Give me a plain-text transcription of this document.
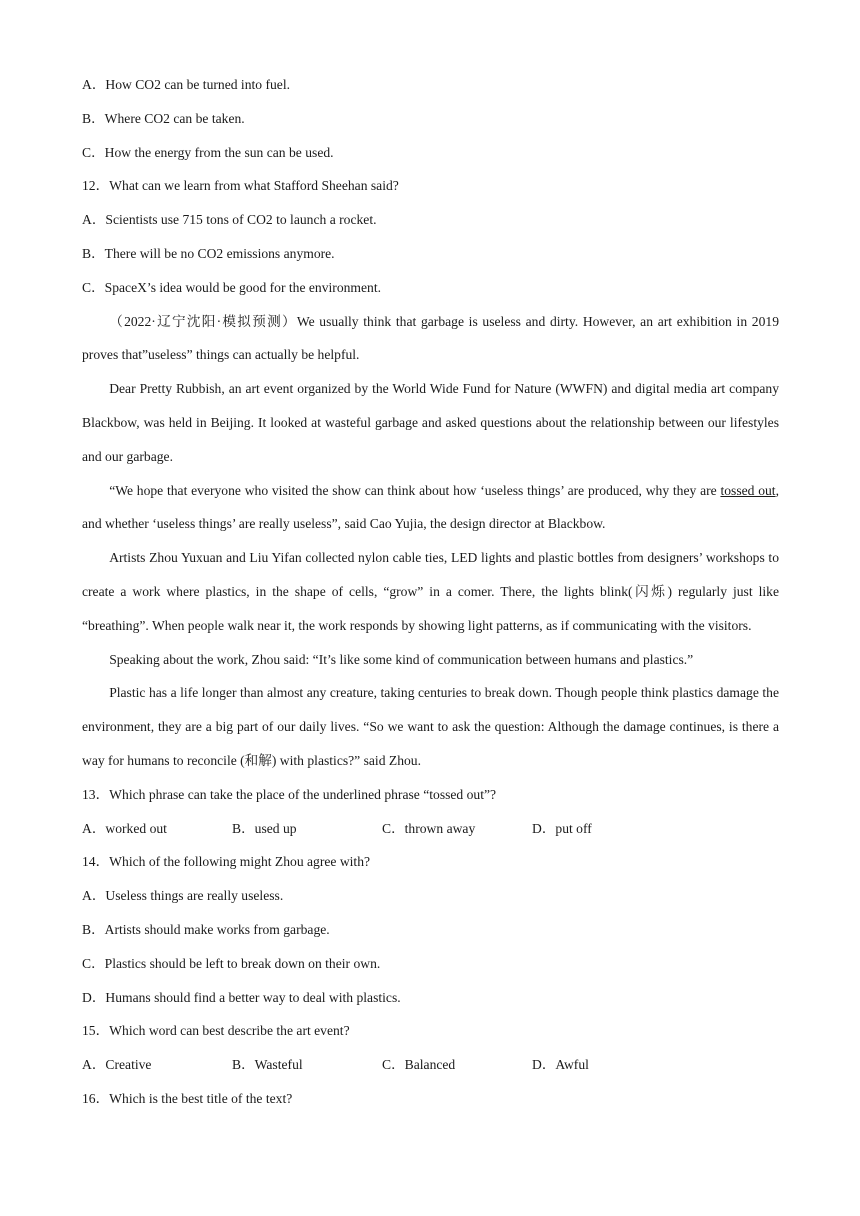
A．How CO2 can be turned into fuel.
B．Where CO2 can be taken.
C．How the energy from the sun can be used.
12．What can we learn from what Stafford Sheehan said?
A．Scientists use 715 tons of CO2 to launch a rocket.
B．There will be no CO2 emissions anymore.
C．SpaceX’s idea would be good for the environment.

（2022·辽宁沈阳·模拟预测）We usually think that garbage is useless and dirty. However, an art exhibition in 2019 proves that”useless” things can actually be helpful.

Dear Pretty Rubbish, an art event organized by the World Wide Fund for Nature (WWFN) and digital media art company Blackbow, was held in Beijing. It looked at wasteful garbage and asked questions about the relationship between our lifestyles and our garbage.

“We hope that everyone who visited the show can think about how ‘useless things’ are produced, why they are tossed out, and whether ‘useless things’ are really useless”, said Cao Yujia, the design director at Blackbow.

Artists Zhou Yuxuan and Liu Yifan collected nylon cable ties, LED lights and plastic bottles from designers’ workshops to create a work where plastics, in the shape of cells, “grow” in a comer. There, the lights blink(闪烁) regularly just like “breathing”. When people walk near it, the work responds by showing light patterns, as if communicating with the visitors.

Speaking about the work, Zhou said: “It’s like some kind of communication between humans and plastics.”

Plastic has a life longer than almost any creature, taking centuries to break down. Though people think plastics damage the environment, they are a big part of our daily lives. “So we want to ask the question: Although the damage continues, is there a way for humans to reconcile (和解) with plastics?” said Zhou.

13．Which phrase can take the place of the underlined phrase “tossed out”?
A．worked out	B．used up	C．thrown away	D．put off
14．Which of the following might Zhou agree with?
A．Useless things are really useless.
B．Artists should make works from garbage.
C．Plastics should be left to break down on their own.
D．Humans should find a better way to deal with plastics.
15．Which word can best describe the art event?
A．Creative	B．Wasteful	C．Balanced	D．Awful
16．Which is the best title of the text?
